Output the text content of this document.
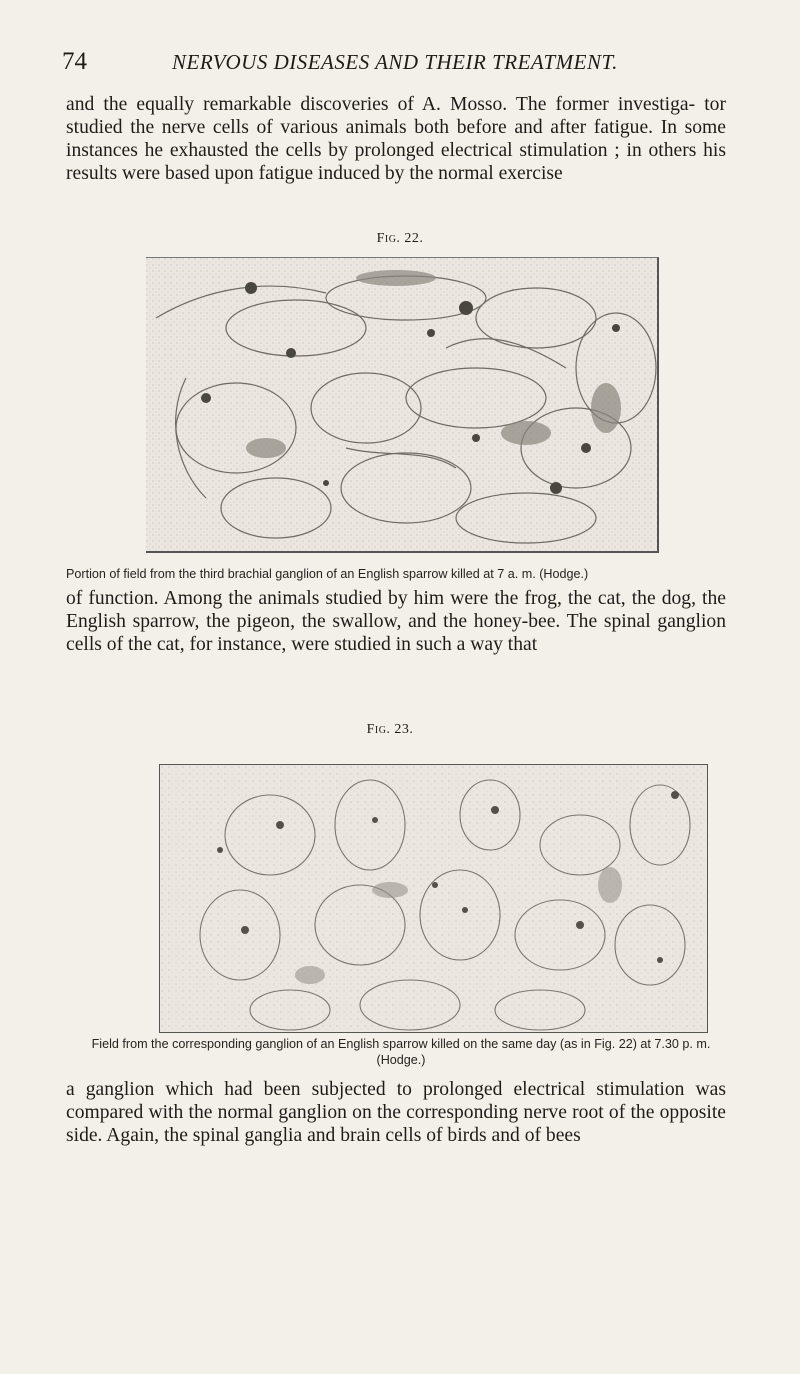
74	NERVOUS DISEASES AND THEIR TREATMENT.

and the equally remarkable discoveries of A. Mosso. The former investiga- tor studied the nerve cells of various animals both before and after fatigue. In some instances he exhausted the cells by prolonged electrical stimulation ; in others his results were based upon fatigue induced by the normal exercise

Fig. 22.
Portion of field from the third brachial ganglion of an English sparrow killed at 7 a. m. (Hodge.)

of function. Among the animals studied by him were the frog, the cat, the dog, the English sparrow, the pigeon, the swallow, and the honey-bee. The spinal ganglion cells of the cat, for instance, were studied in such a way that

Fig. 23.
Field from the corresponding ganglion of an English sparrow killed on the same day (as in Fig. 22) at 7.30 p. m. (Hodge.)

a ganglion which had been subjected to prolonged electrical stimulation was compared with the normal ganglion on the corresponding nerve root of the opposite side. Again, the spinal ganglia and brain cells of birds and of bees
